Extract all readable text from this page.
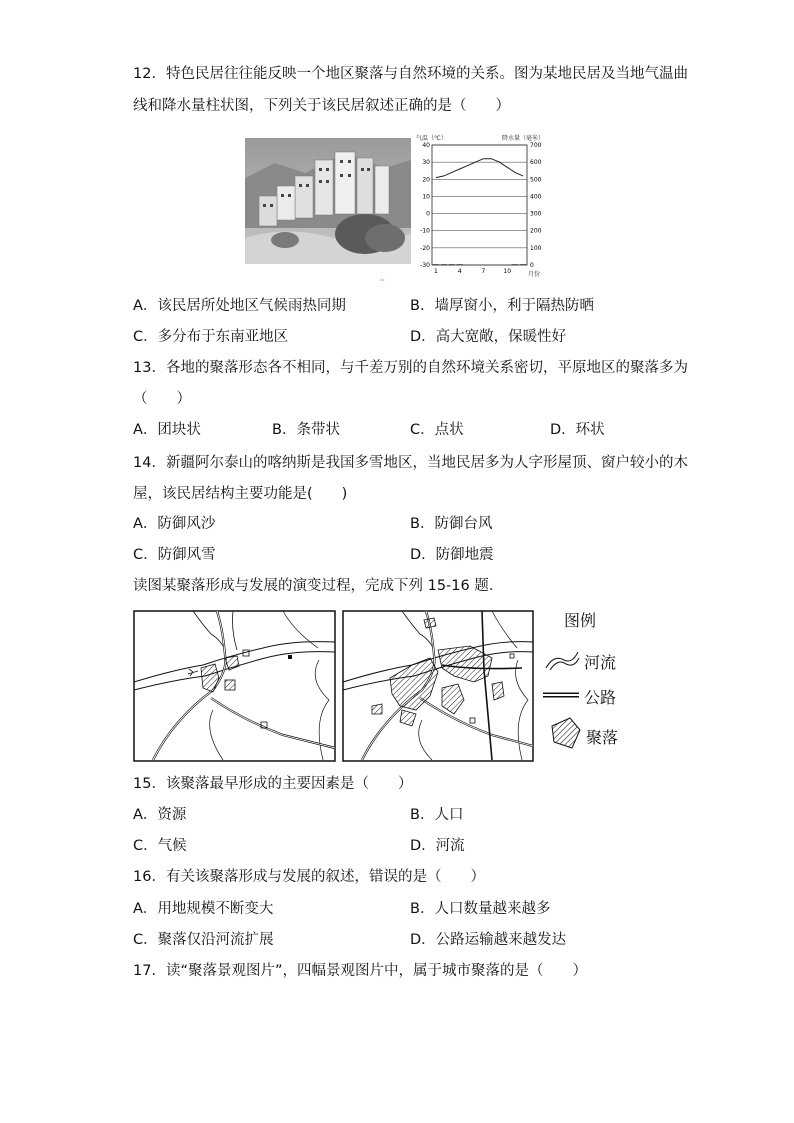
12．特色民居往往能反映一个地区聚落与自然环境的关系。图为某地民居及当地气温曲
线和降水量柱状图，下列关于该民居叙述正确的是（　　）
气温（℃）	降水量（毫米）
40
30
20
10
0
-10
-20
-30
700
600
500
400
300
200
100
0
1	4	7	10	月份
··
A．该民居所处地区气候雨热同期	B．墙厚窗小，利于隔热防晒
C．多分布于东南亚地区	D．高大宽敞，保暖性好
13．各地的聚落形态各不相同，与千差万别的自然环境关系密切，平原地区的聚落多为
（　　）
A．团块状	B．条带状	C．点状	D．环状
14．新疆阿尔泰山的喀纳斯是我国多雪地区，当地民居多为人字形屋顶、窗户较小的木
屋，该民居结构主要功能是(　　)
A．防御风沙	B．防御台风
C．防御风雪	D．防御地震
读图某聚落形成与发展的演变过程，完成下列 15-16 题．
图例
河流
公路
聚落
15．该聚落最早形成的主要因素是（　　）
A．资源	B．人口
C．气候	D．河流
16．有关该聚落形成与发展的叙述，错误的是（　　）
A．用地规模不断变大	B．人口数量越来越多
C．聚落仅沿河流扩展	D．公路运输越来越发达
17．读“聚落景观图片”，四幅景观图片中，属于城市聚落的是（　　）
